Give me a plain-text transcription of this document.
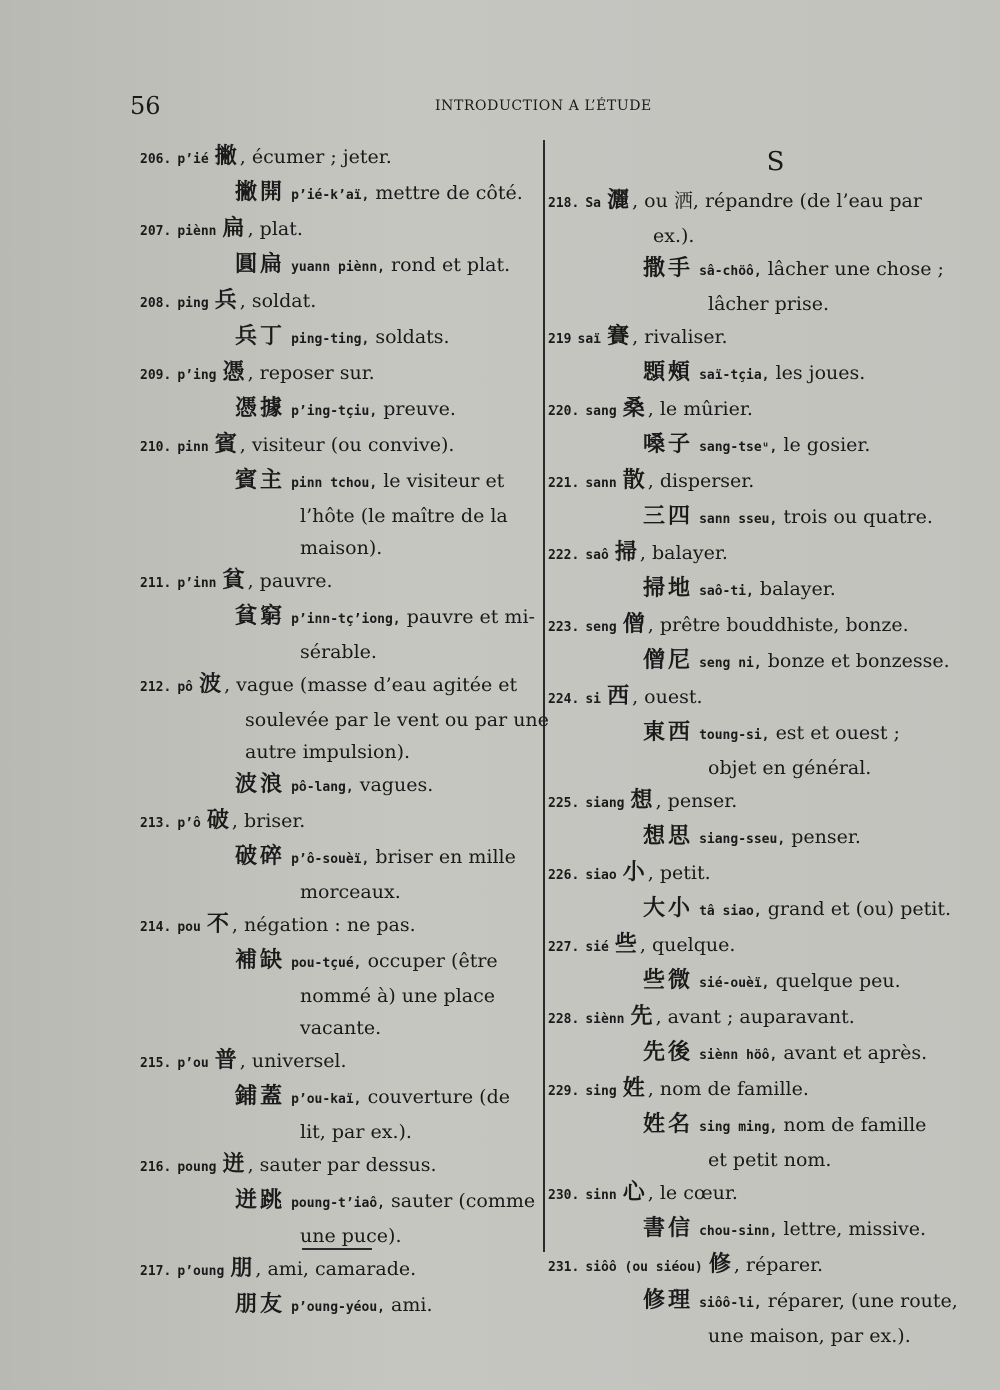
56	INTRODUCTION A L’ÉTUDE
206. p’ié 撇, écumer ; jeter.
撇開 p’ié-k’aï, mettre de côté.
207. piènn 扁, plat.
圓扁 yuann piènn, rond et plat.
208. ping 兵, soldat.
兵丁 ping-ting, soldats.
209. p’ing 憑, reposer sur.
憑據 p’ing-tçiu, preuve.
210. pinn 賓, visiteur (ou convive).
賓主 pinn tchou, le visiteur et
l’hôte (le maître de la
maison).
211. p’inn 貧, pauvre.
貧窮 p’inn-tç’iong, pauvre et mi-
sérable.
212. pô 波, vague (masse d’eau agitée et
soulevée par le vent ou par une
autre impulsion).
波浪 pô-lang, vagues.
213. p’ô 破, briser.
破碎 p’ô-souèï, briser en mille
morceaux.
214. pou 不, négation : ne pas.
補缺 pou-tçué, occuper (être
nommé à) une place
vacante.
215. p’ou 普, universel.
鋪蓋 p’ou-kaï, couverture (de
lit, par ex.).
216. poung 迸, sauter par dessus.
迸跳 poung-t’iaô, sauter (comme
une puce).
217. p’oung 朋, ami, camarade.
朋友 p’oung-yéou, ami.
S
218. Sa 灑, ou 洒, répandre (de l’eau par
ex.).
撒手 sâ-chöô, lâcher une chose ;
lâcher prise.
219 saï 賽, rivaliser.
顋頰 saï-tçia, les joues.
220. sang 桑, le mûrier.
嗓子 sang-tseᵘ, le gosier.
221. sann 散, disperser.
三四 sann sseu, trois ou quatre.
222. saô 掃, balayer.
掃地 saô-ti, balayer.
223. seng 僧, prêtre bouddhiste, bonze.
僧尼 seng ni, bonze et bonzesse.
224. si 西, ouest.
東西 toung-si, est et ouest ;
objet en général.
225. siang 想, penser.
想思 siang-sseu, penser.
226. siao 小, petit.
大小 tâ siao, grand et (ou) petit.
227. sié 些, quelque.
些微 sié-ouèï, quelque peu.
228. siènn 先, avant ; auparavant.
先後 siènn höô, avant et après.
229. sing 姓, nom de famille.
姓名 sing ming, nom de famille
et petit nom.
230. sinn 心, le cœur.
書信 chou-sinn, lettre, missive.
231. siôô (ou siéou) 修, réparer.
修理 siôô-li, réparer, (une route,
une maison, par ex.).
